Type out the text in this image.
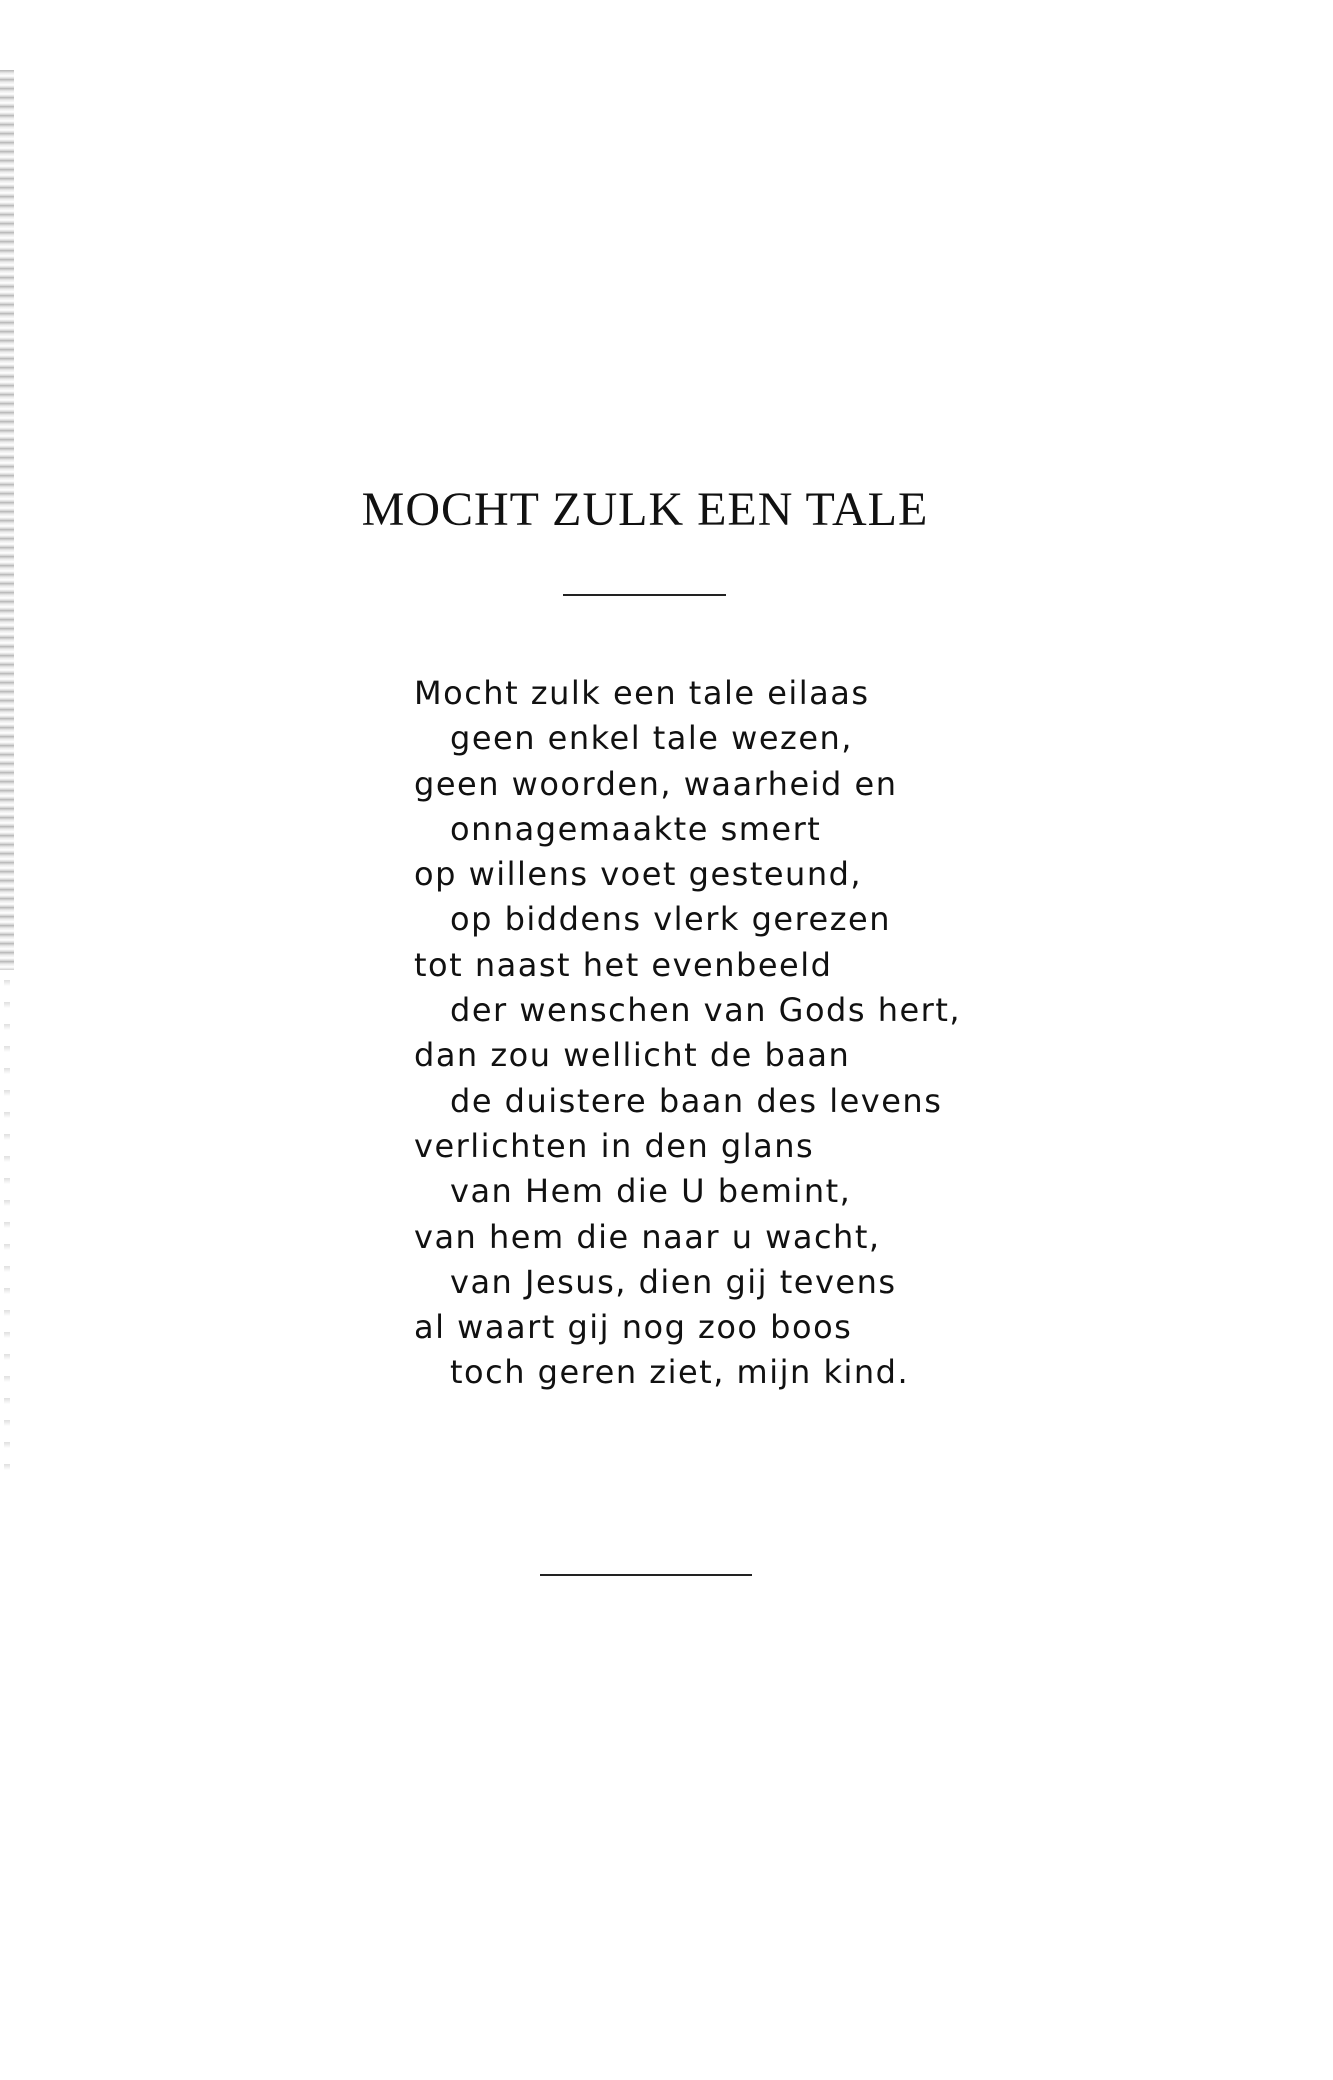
MOCHT ZULK EEN TALE
Mocht zulk een tale eilaas
geen enkel tale wezen,
geen woorden, waarheid en
onnagemaakte smert
op willens voet gesteund,
op biddens vlerk gerezen
tot naast het evenbeeld
der wenschen van Gods hert,
dan zou wellicht de baan
de duistere baan des levens
verlichten in den glans
van Hem die U bemint,
van hem die naar u wacht,
van Jesus, dien gij tevens
al waart gij nog zoo boos
toch geren ziet, mijn kind.
